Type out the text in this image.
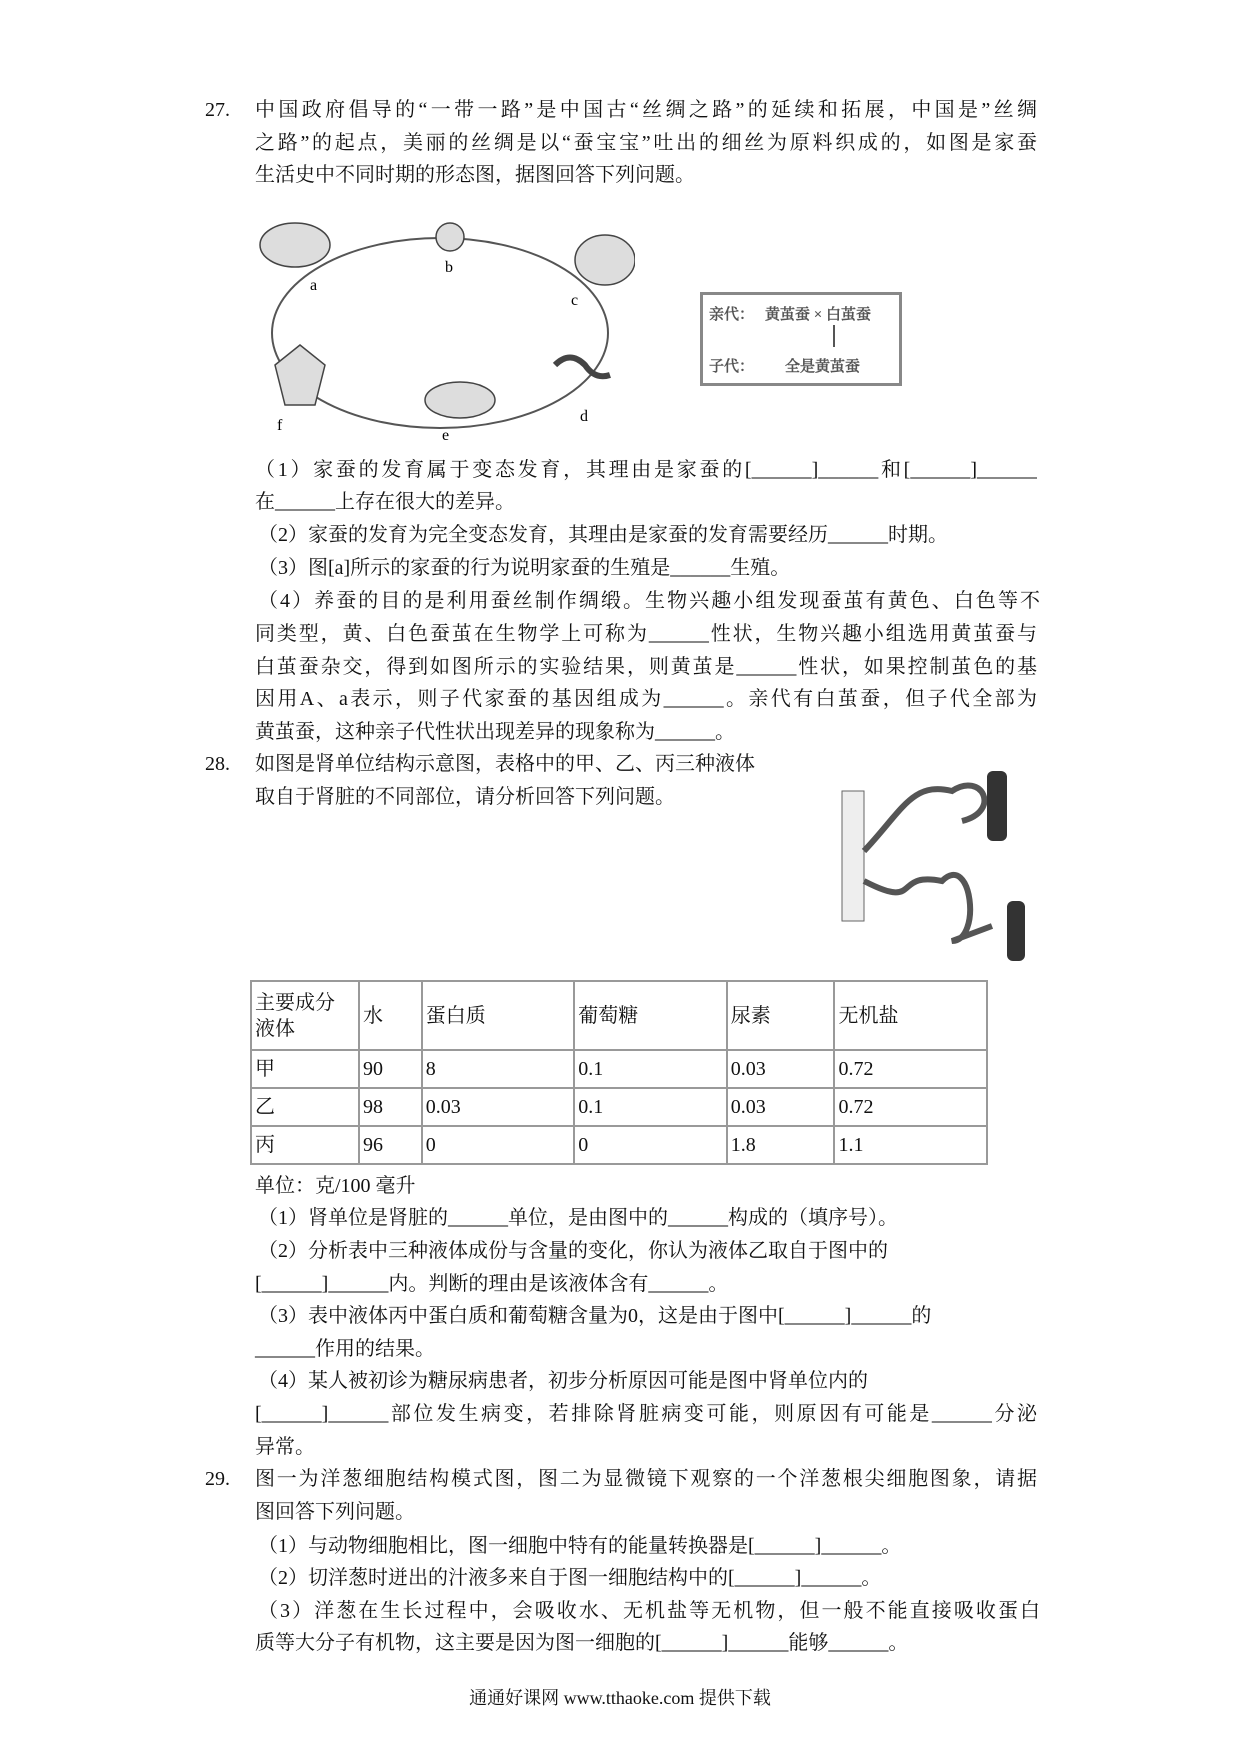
27. 中国政府倡导的“一带一路”是中国古“丝绸之路”的延续和拓展，中国是”丝绸
之路”的起点，美丽的丝绸是以“蚕宝宝”吐出的细丝为原料织成的，如图是家蚕
生活史中不同时期的形态图，据图回答下列问题。
a
b
c
d
e
f
亲代： 黄茧蚕 × 白茧蚕
子代： 全是黄茧蚕
（1）家蚕的发育属于变态发育，其理由是家蚕的[______]______和[______]______
在______上存在很大的差异。
（2）家蚕的发育为完全变态发育，其理由是家蚕的发育需要经历______时期。
（3）图[a]所示的家蚕的行为说明家蚕的生殖是______生殖。
（4）养蚕的目的是利用蚕丝制作绸缎。生物兴趣小组发现蚕茧有黄色、白色等不
同类型，黄、白色蚕茧在生物学上可称为______性状，生物兴趣小组选用黄茧蚕与
白茧蚕杂交，得到如图所示的实验结果，则黄茧是______性状，如果控制茧色的基
因用A、a表示，则子代家蚕的基因组成为______。亲代有白茧蚕，但子代全部为
黄茧蚕，这种亲子代性状出现差异的现象称为______。
28. 如图是肾单位结构示意图，表格中的甲、乙、丙三种液体
取自于肾脏的不同部位，请分析回答下列问题。
主要成分
液体	水	蛋白质	葡萄糖	尿素	无机盐
甲	90	8	0.1	0.03	0.72
乙	98	0.03	0.1	0.03	0.72
丙	96	0	0	1.8	1.1
单位：克/100 毫升
（1）肾单位是肾脏的______单位，是由图中的______构成的（填序号）。
（2）分析表中三种液体成份与含量的变化，你认为液体乙取自于图中的
[______]______内。判断的理由是该液体含有______。
（3）表中液体丙中蛋白质和葡萄糖含量为0，这是由于图中[______]______的
______作用的结果。
（4）某人被初诊为糖尿病患者，初步分析原因可能是图中肾单位内的
[______]______部位发生病变，若排除肾脏病变可能，则原因有可能是______分泌
异常。
29. 图一为洋葱细胞结构模式图，图二为显微镜下观察的一个洋葱根尖细胞图象，请据
图回答下列问题。
（1）与动物细胞相比，图一细胞中特有的能量转换器是[______]______。
（2）切洋葱时迸出的汁液多来自于图一细胞结构中的[______]______。
（3）洋葱在生长过程中，会吸收水、无机盐等无机物，但一般不能直接吸收蛋白
质等大分子有机物，这主要是因为图一细胞的[______]______能够______。
通通好课网 www.tthaoke.com 提供下载
